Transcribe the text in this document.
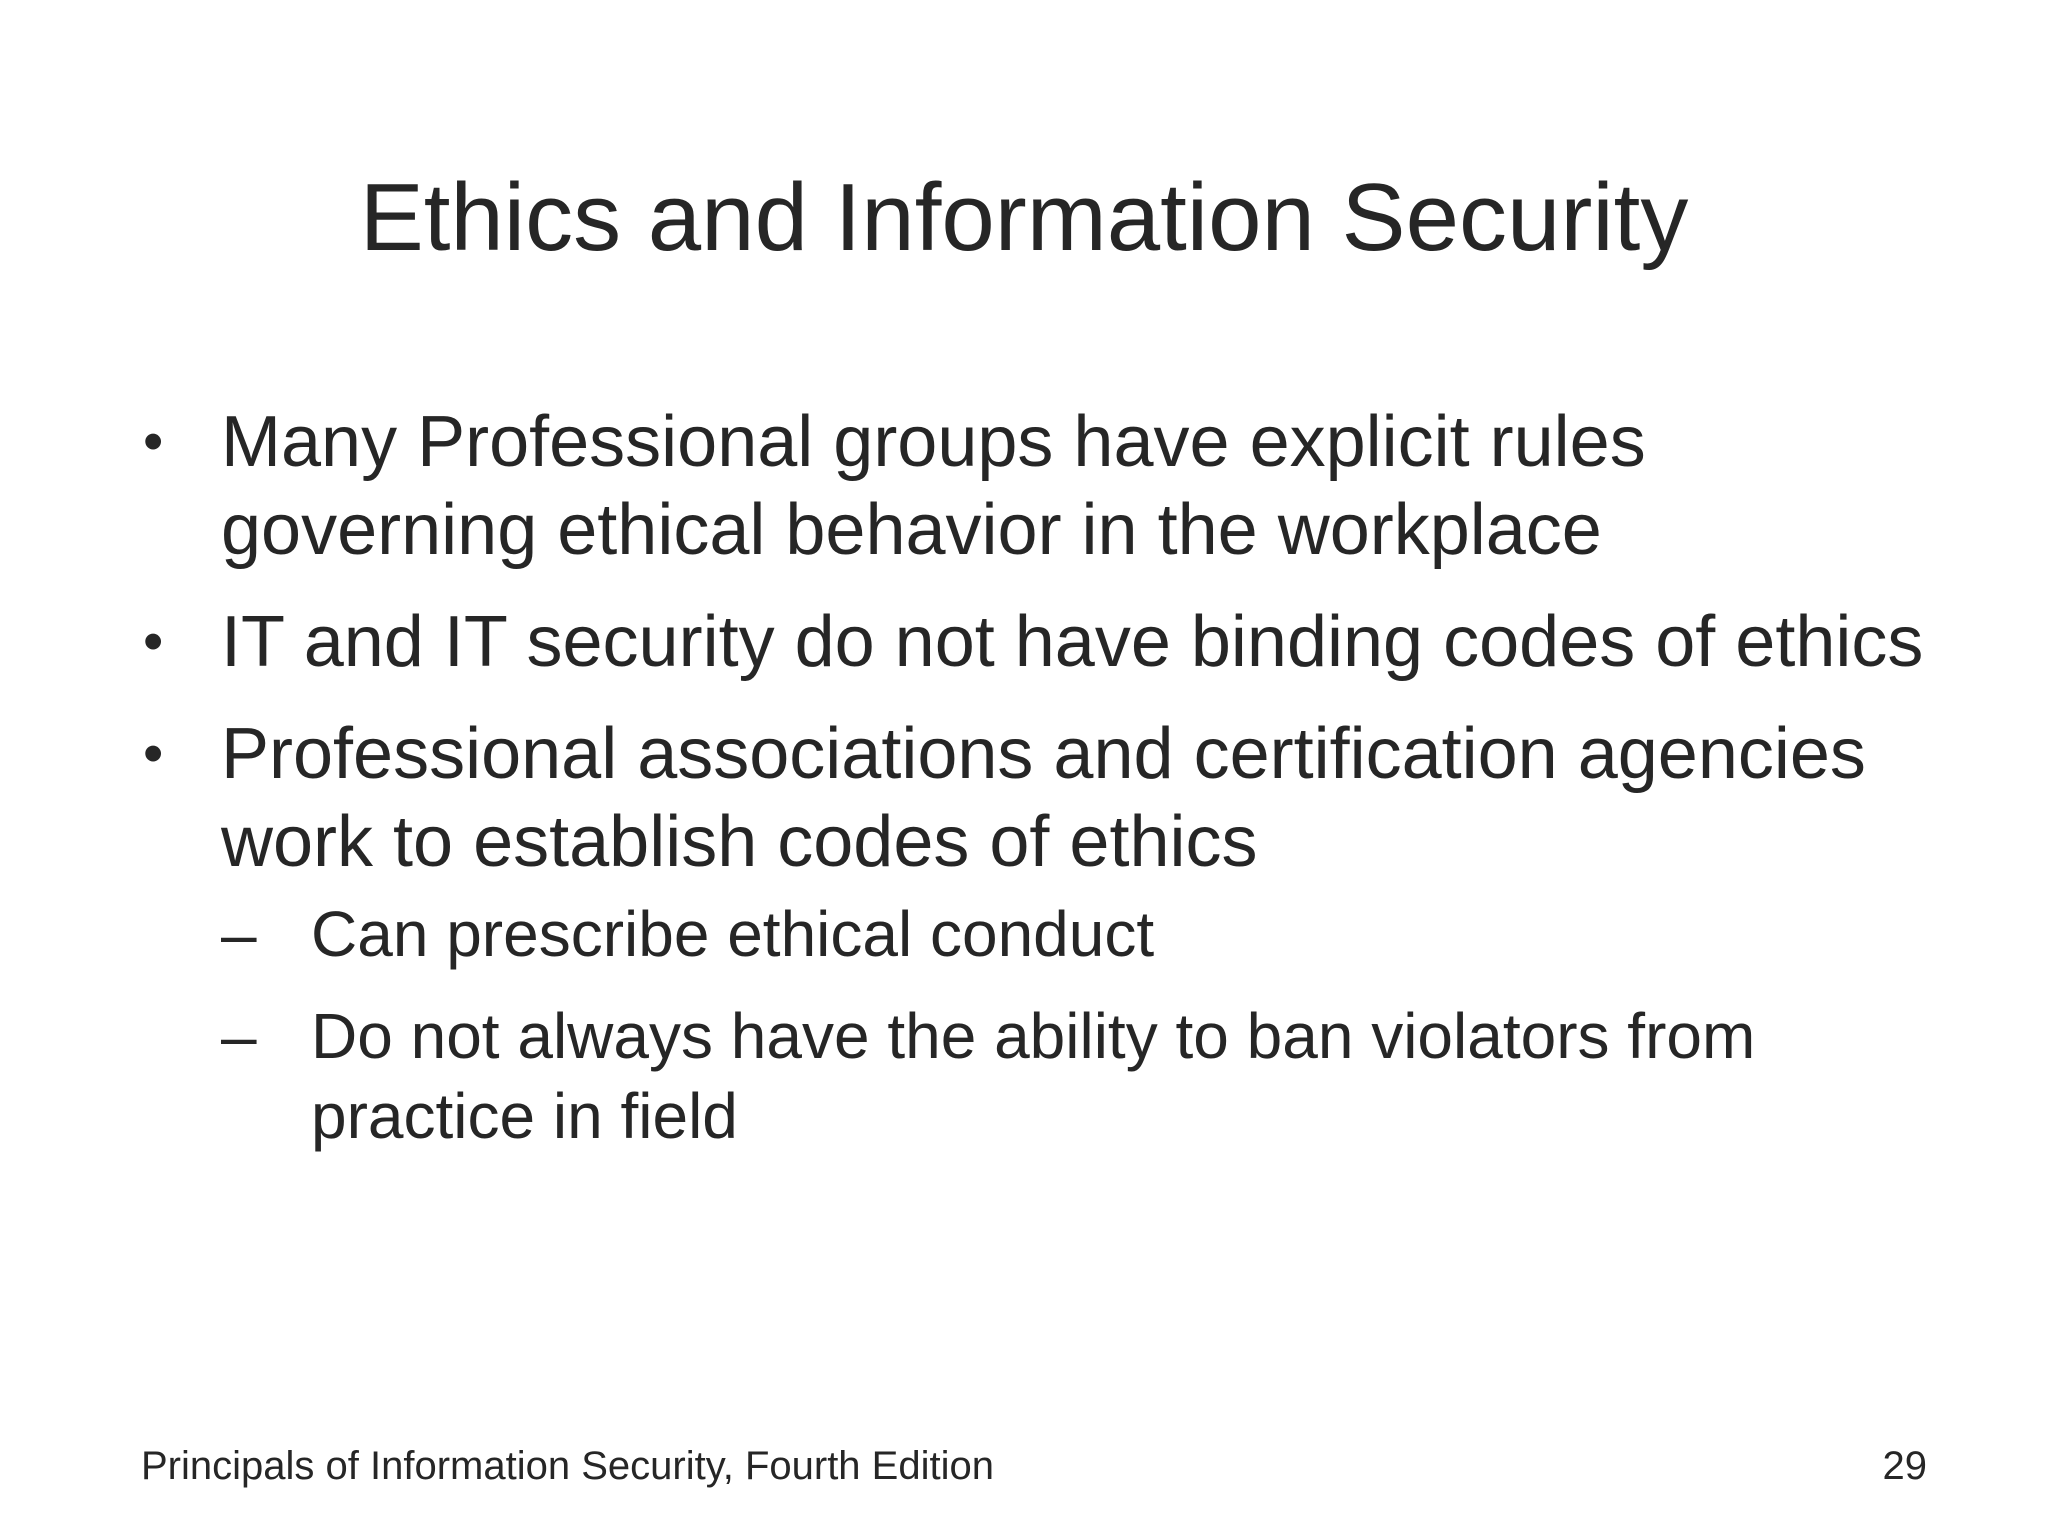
Ethics and Information Security
• Many Professional groups have explicit rules governing ethical behavior in the workplace
• IT and IT security do not have binding codes of ethics
• Professional associations and certification agencies work to establish codes of ethics
– Can prescribe ethical conduct
– Do not always have the ability to ban violators from practice in field
Principals of Information Security, Fourth Edition	29
